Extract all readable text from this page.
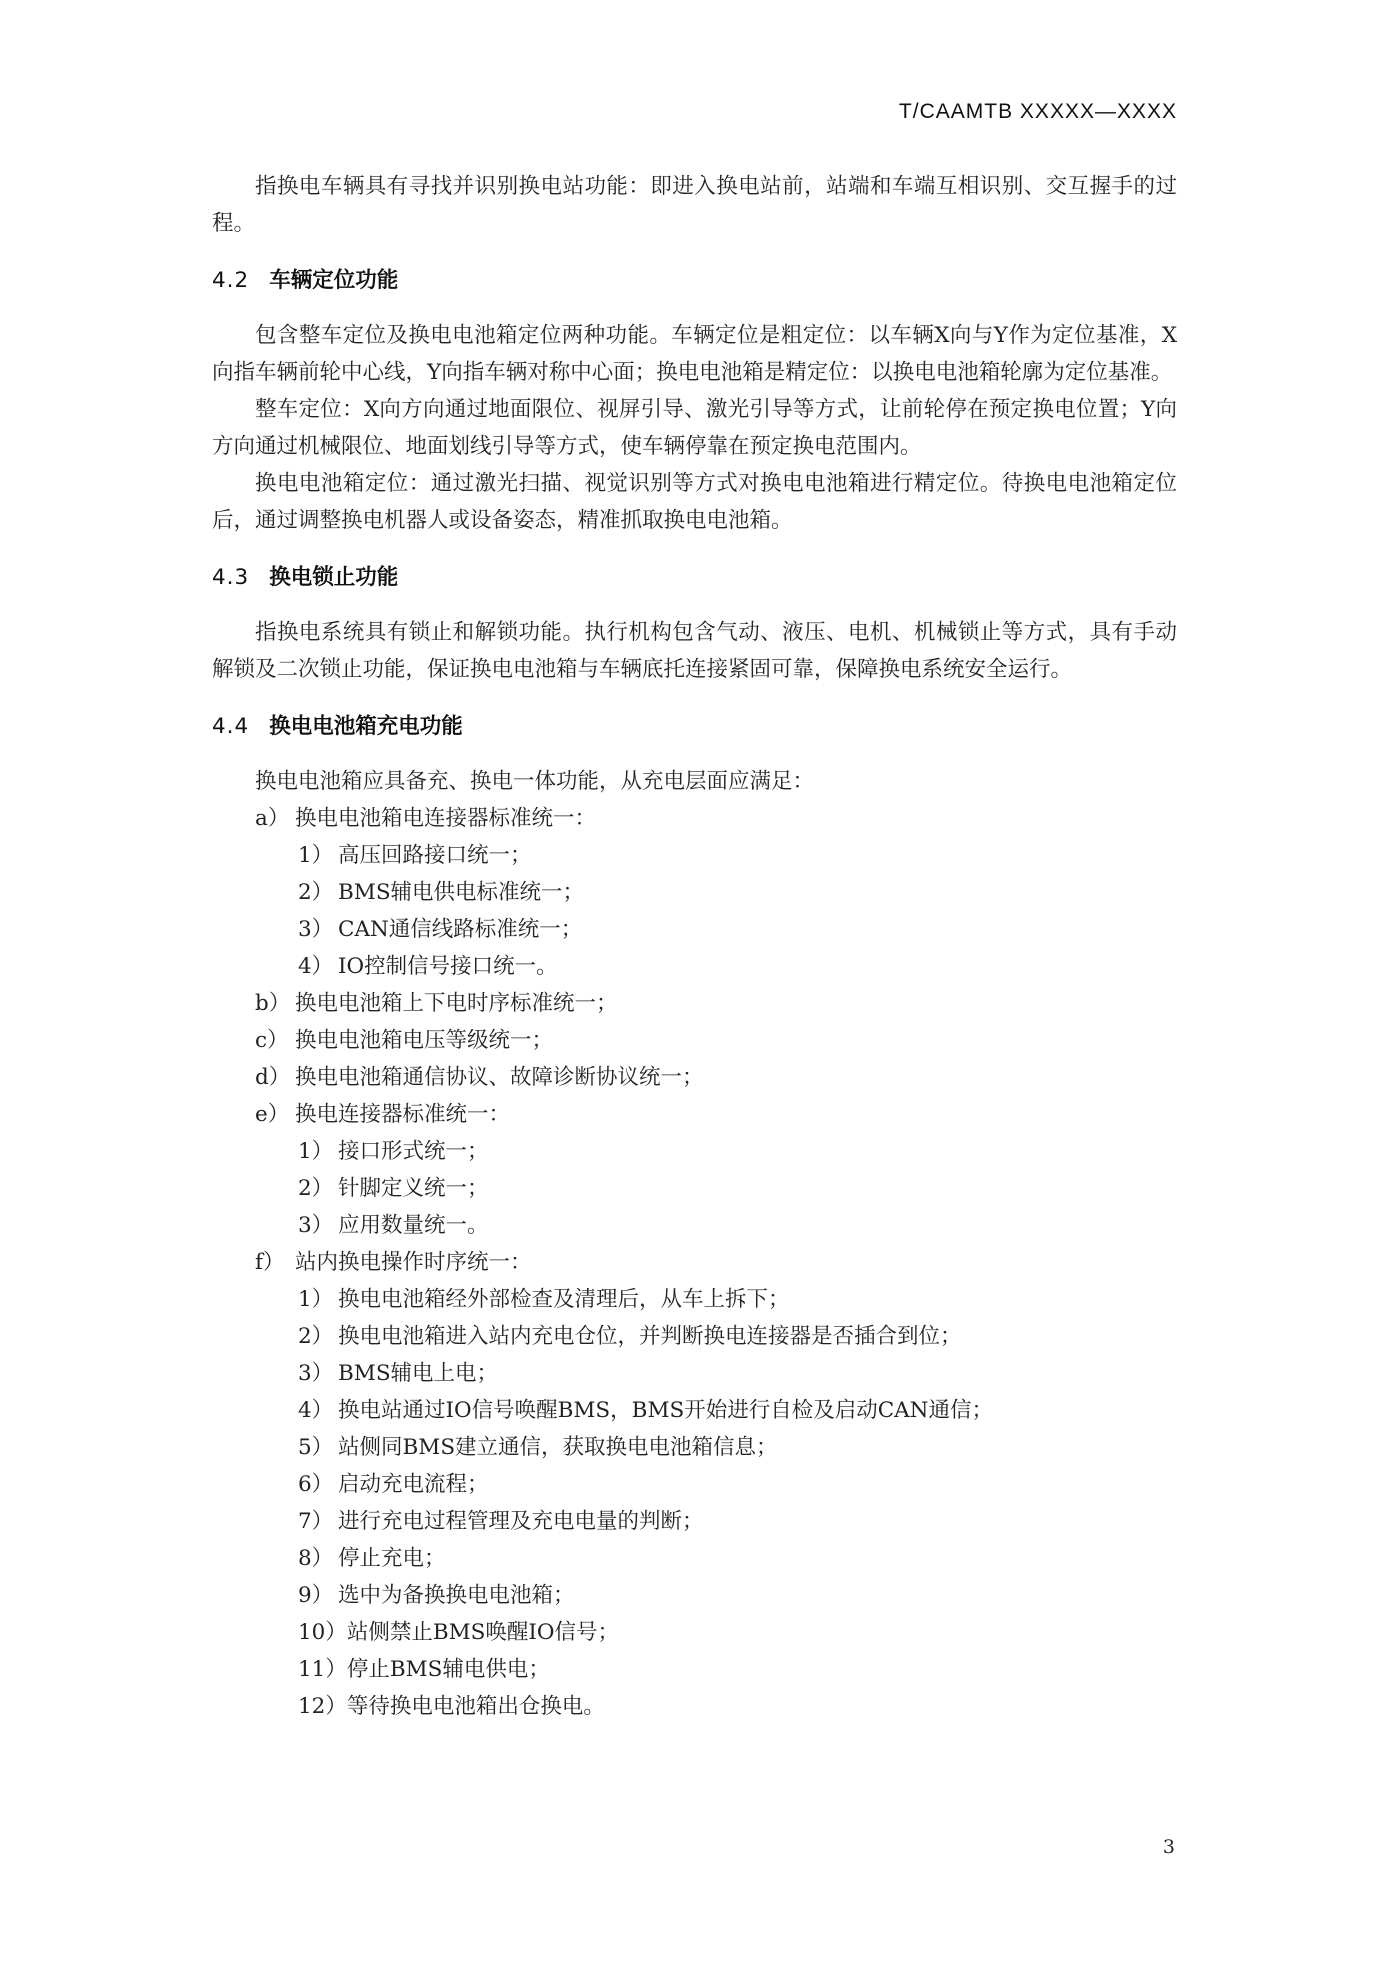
T/CAAMTB XXXXX—XXXX

指换电车辆具有寻找并识别换电站功能：即进入换电站前，站端和车端互相识别、交互握手的过程。

4.2 车辆定位功能

包含整车定位及换电电池箱定位两种功能。车辆定位是粗定位：以车辆X向与Y作为定位基准，X向指车辆前轮中心线，Y向指车辆对称中心面；换电电池箱是精定位：以换电电池箱轮廓为定位基准。

整车定位：X向方向通过地面限位、视屏引导、激光引导等方式，让前轮停在预定换电位置；Y向方向通过机械限位、地面划线引导等方式，使车辆停靠在预定换电范围内。

换电电池箱定位：通过激光扫描、视觉识别等方式对换电电池箱进行精定位。待换电电池箱定位后，通过调整换电机器人或设备姿态，精准抓取换电电池箱。

4.3 换电锁止功能

指换电系统具有锁止和解锁功能。执行机构包含气动、液压、电机、机械锁止等方式，具有手动解锁及二次锁止功能，保证换电电池箱与车辆底托连接紧固可靠，保障换电系统安全运行。

4.4 换电电池箱充电功能

换电电池箱应具备充、换电一体功能，从充电层面应满足：

a） 换电电池箱电连接器标准统一：
1） 高压回路接口统一；
2） BMS辅电供电标准统一；
3） CAN通信线路标准统一；
4） IO控制信号接口统一。
b） 换电电池箱上下电时序标准统一；
c） 换电电池箱电压等级统一；
d） 换电电池箱通信协议、故障诊断协议统一；
e） 换电连接器标准统一：
1） 接口形式统一；
2） 针脚定义统一；
3） 应用数量统一。
f） 站内换电操作时序统一：
1） 换电电池箱经外部检查及清理后，从车上拆下；
2） 换电电池箱进入站内充电仓位，并判断换电连接器是否插合到位；
3） BMS辅电上电；
4） 换电站通过IO信号唤醒BMS，BMS开始进行自检及启动CAN通信；
5） 站侧同BMS建立通信，获取换电电池箱信息；
6） 启动充电流程；
7） 进行充电过程管理及充电电量的判断；
8） 停止充电；
9） 选中为备换换电电池箱；
10）站侧禁止BMS唤醒IO信号；
11）停止BMS辅电供电；
12）等待换电电池箱出仓换电。
3
